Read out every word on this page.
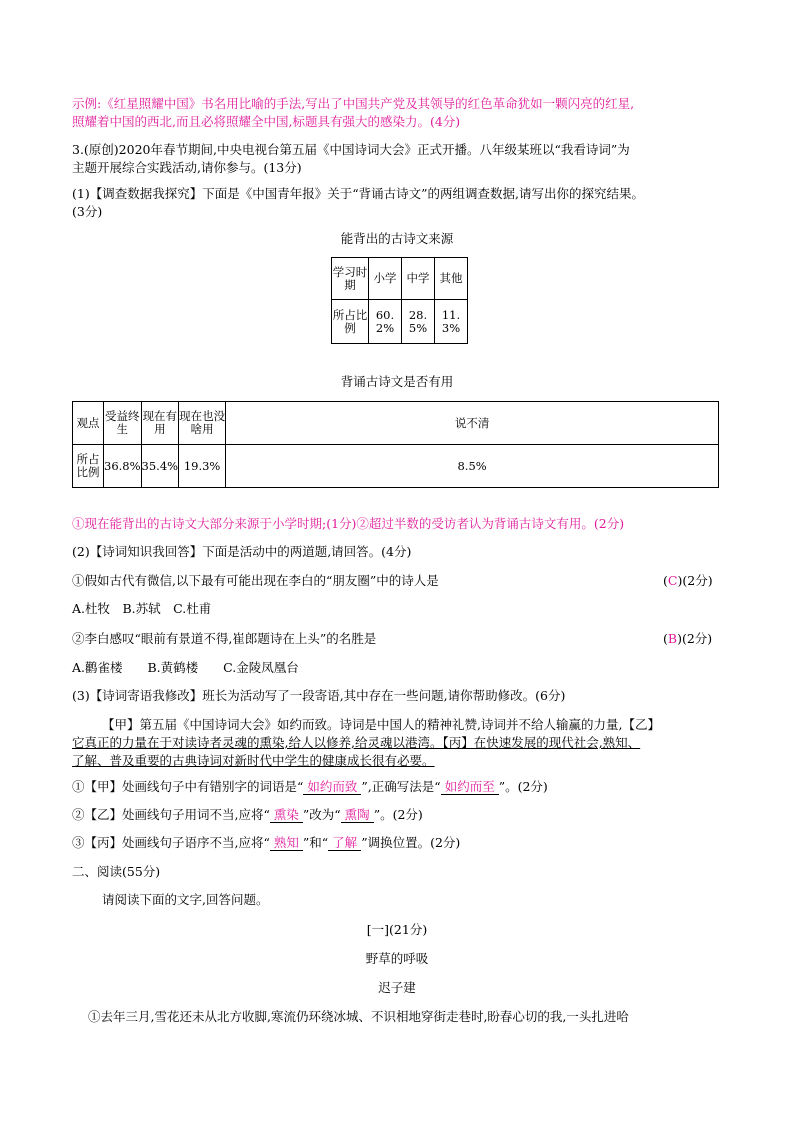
示例:《红星照耀中国》书名用比喻的手法,写出了中国共产党及其领导的红色革命犹如一颗闪亮的红星,
照耀着中国的西北,而且必将照耀全中国,标题具有强大的感染力。(4分)
3.(原创)2020年春节期间,中央电视台第五届《中国诗词大会》正式开播。八年级某班以“我看诗词”为
主题开展综合实践活动,请你参与。(13分)
(1)【调查数据我探究】下面是《中国青年报》关于“背诵古诗文”的两组调查数据,请写出你的探究结果。
(3分)
能背出的古诗文来源
学习时期	小学	中学	其他
所占比例	60.2%	28.5%	11.3%
背诵古诗文是否有用
观点	受益终生	现在有用	现在也没啥用	说不清
所占比例	36.8%	35.4%	19.3%	8.5%
①现在能背出的古诗文大部分来源于小学时期;(1分)②超过半数的受访者认为背诵古诗文有用。(2分)
(2)【诗词知识我回答】下面是活动中的两道题,请回答。(4分)
①假如古代有微信,以下最有可能出现在李白的“朋友圈”中的诗人是	(C)(2分)
A.杜牧　B.苏轼　C.杜甫
②李白感叹“眼前有景道不得,崔郎题诗在上头”的名胜是	(B)(2分)
A.鹳雀楼　　B.黄鹤楼　　C.金陵凤凰台
(3)【诗词寄语我修改】班长为活动写了一段寄语,其中存在一些问题,请你帮助修改。(6分)
【甲】第五届《中国诗词大会》如约而致。诗词是中国人的精神礼赞,诗词并不给人输赢的力量,【乙】
它真正的力量在于对读诗者灵魂的熏染,给人以修养,给灵魂以港湾。【丙】在快速发展的现代社会,熟知、
了解、普及重要的古典诗词对新时代中学生的健康成长很有必要。
①【甲】处画线句子中有错别字的词语是“ 如约而致 ”,正确写法是“ 如约而至 ”。(2分)
②【乙】处画线句子用词不当,应将“ 熏染 ”改为“ 熏陶 ”。(2分)
③【丙】处画线句子语序不当,应将“ 熟知 ”和“ 了解 ”调换位置。(2分)
二、阅读(55分)
请阅读下面的文字,回答问题。
[一](21分)
野草的呼吸
迟子建
①去年三月,雪花还未从北方收脚,寒流仍环绕冰城、不识相地穿街走巷时,盼春心切的我,一头扎进哈
